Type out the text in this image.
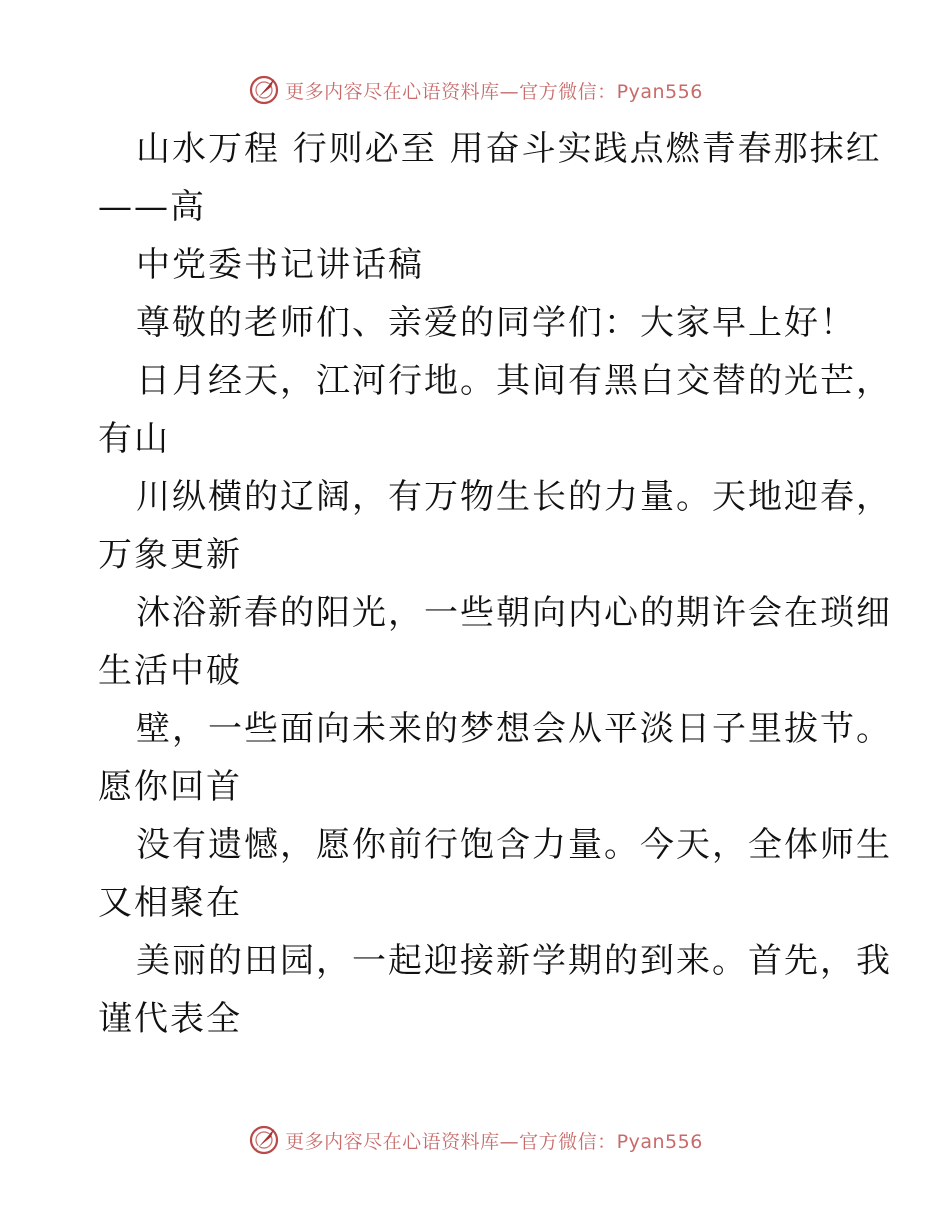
更多内容尽在心语资料库—官方微信：Pyan556
山水万程 行则必至 用奋斗实践点燃青春那抹红
——高
中党委书记讲话稿
尊敬的老师们、亲爱的同学们：大家早上好！
日月经天，江河行地。其间有黑白交替的光芒，
有山
川纵横的辽阔，有万物生长的力量。天地迎春，
万象更新
沐浴新春的阳光，一些朝向内心的期许会在琐细
生活中破
壁，一些面向未来的梦想会从平淡日子里拔节。
愿你回首
没有遗憾，愿你前行饱含力量。今天，全体师生
又相聚在
美丽的田园，一起迎接新学期的到来。首先，我
谨代表全
更多内容尽在心语资料库—官方微信：Pyan556
